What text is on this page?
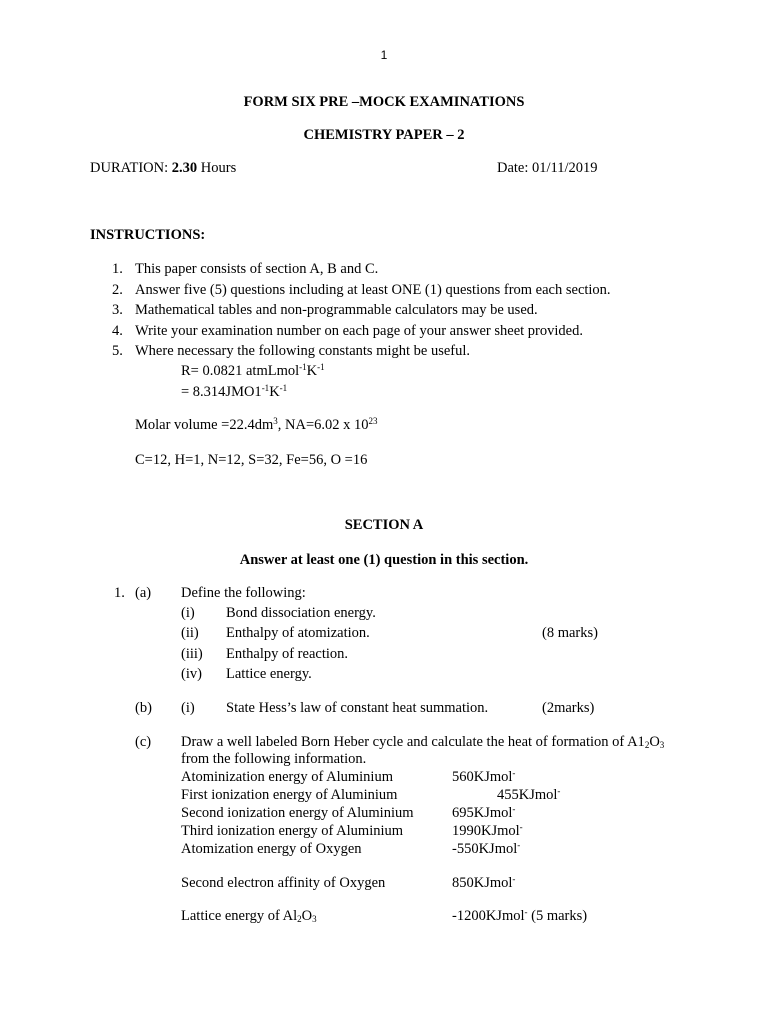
1
FORM SIX PRE –MOCK EXAMINATIONS
CHEMISTRY PAPER – 2
DURATION: 2.30 Hours	Date: 01/11/2019
INSTRUCTIONS:
1. This paper consists of section A, B and C.
2. Answer five (5) questions including at least ONE (1) questions from each section.
3. Mathematical tables and non-programmable calculators may be used.
4. Write your examination number on each page of your answer sheet provided.
5. Where necessary the following constants might be useful.
R= 0.0821 $atmLmol^{-1}K^{-1}$
= $8.314JMO1^{-1}K^{-1}$
Molar volume $=22.4dm^3$, NA=6.02 x $10^{23}$
C=12, H=1, N=12, S=32, Fe=56, O =16
SECTION A
Answer at least one (1) question in this section.
1. (a) Define the following:
(i) Bond dissociation energy.
(ii) Enthalpy of atomization.	(8 marks)
(iii) Enthalpy of reaction.
(iv) Lattice energy.
(b) (i) State Hess’s law of constant heat summation.	(2marks)
(c) Draw a well labeled Born Heber cycle and calculate the heat of formation of $A1_2O_3$
from the following information.
Atominization energy of Aluminium	560KJmol-
First ionization energy of Aluminium	455KJmol-
Second ionization energy of Aluminium	695KJmol-
Third ionization energy of Aluminium	1990KJmol-
Atomization energy of Oxygen	-550KJmol-
Second electron affinity of Oxygen	850KJmol-
Lattice energy of $Al_2O_3$	-1200KJmol- (5 marks)
